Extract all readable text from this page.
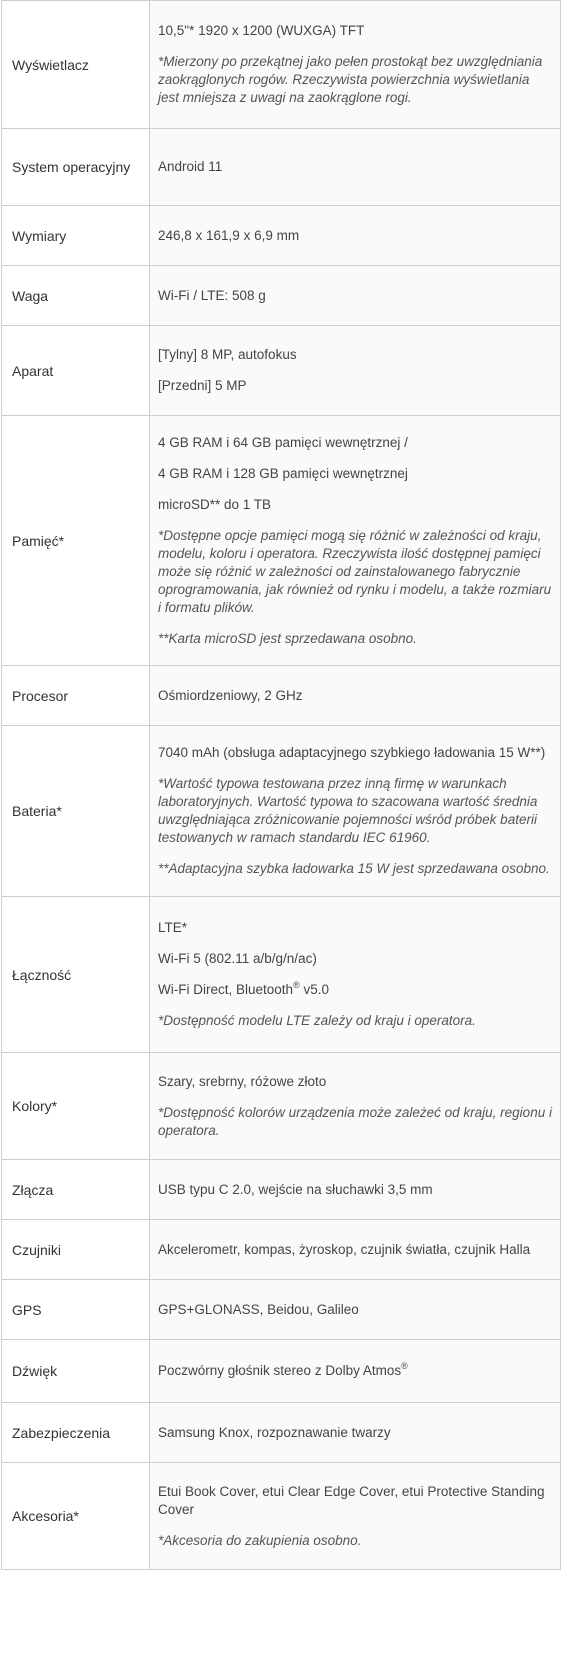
Wyświetlacz	10,5"* 1920 x 1200 (WUXGA) TFT

*Mierzony po przekątnej jako pełen prostokąt bez uwzględniania zaokrąglonych rogów. Rzeczywista powierzchnia wyświetlania jest mniejsza z uwagi na zaokrąglone rogi.

System operacyjny	Android 11

Wymiary	246,8 x 161,9 x 6,9 mm

Waga	Wi-Fi / LTE: 508 g

Aparat	[Tylny] 8 MP, autofokus

[Przedni] 5 MP

Pamięć*	4 GB RAM i 64 GB pamięci wewnętrznej /

4 GB RAM i 128 GB pamięci wewnętrznej

microSD** do 1 TB

*Dostępne opcje pamięci mogą się różnić w zależności od kraju, modelu, koloru i operatora. Rzeczywista ilość dostępnej pamięci może się różnić w zależności od zainstalowanego fabrycznie oprogramowania, jak również od rynku i modelu, a także rozmiaru i formatu plików.

**Karta microSD jest sprzedawana osobno.

Procesor	Ośmiordzeniowy, 2 GHz

Bateria*	7040 mAh (obsługa adaptacyjnego szybkiego ładowania 15 W**)

*Wartość typowa testowana przez inną firmę w warunkach laboratoryjnych. Wartość typowa to szacowana wartość średnia uwzględniająca zróżnicowanie pojemności wśród próbek baterii testowanych w ramach standardu IEC 61960.

**Adaptacyjna szybka ładowarka 15 W jest sprzedawana osobno.

Łączność	LTE*

Wi-Fi 5 (802.11 a/b/g/n/ac)

Wi-Fi Direct, Bluetooth® v5.0

*Dostępność modelu LTE zależy od kraju i operatora.

Kolory*	Szary, srebrny, różowe złoto

*Dostępność kolorów urządzenia może zależeć od kraju, regionu i operatora.

Złącza	USB typu C 2.0, wejście na słuchawki 3,5 mm

Czujniki	Akcelerometr, kompas, żyroskop, czujnik światła, czujnik Halla

GPS	GPS+GLONASS, Beidou, Galileo

Dźwięk	Poczwórny głośnik stereo z Dolby Atmos®

Zabezpieczenia	Samsung Knox, rozpoznawanie twarzy

Akcesoria*	Etui Book Cover, etui Clear Edge Cover, etui Protective Standing Cover

*Akcesoria do zakupienia osobno.
